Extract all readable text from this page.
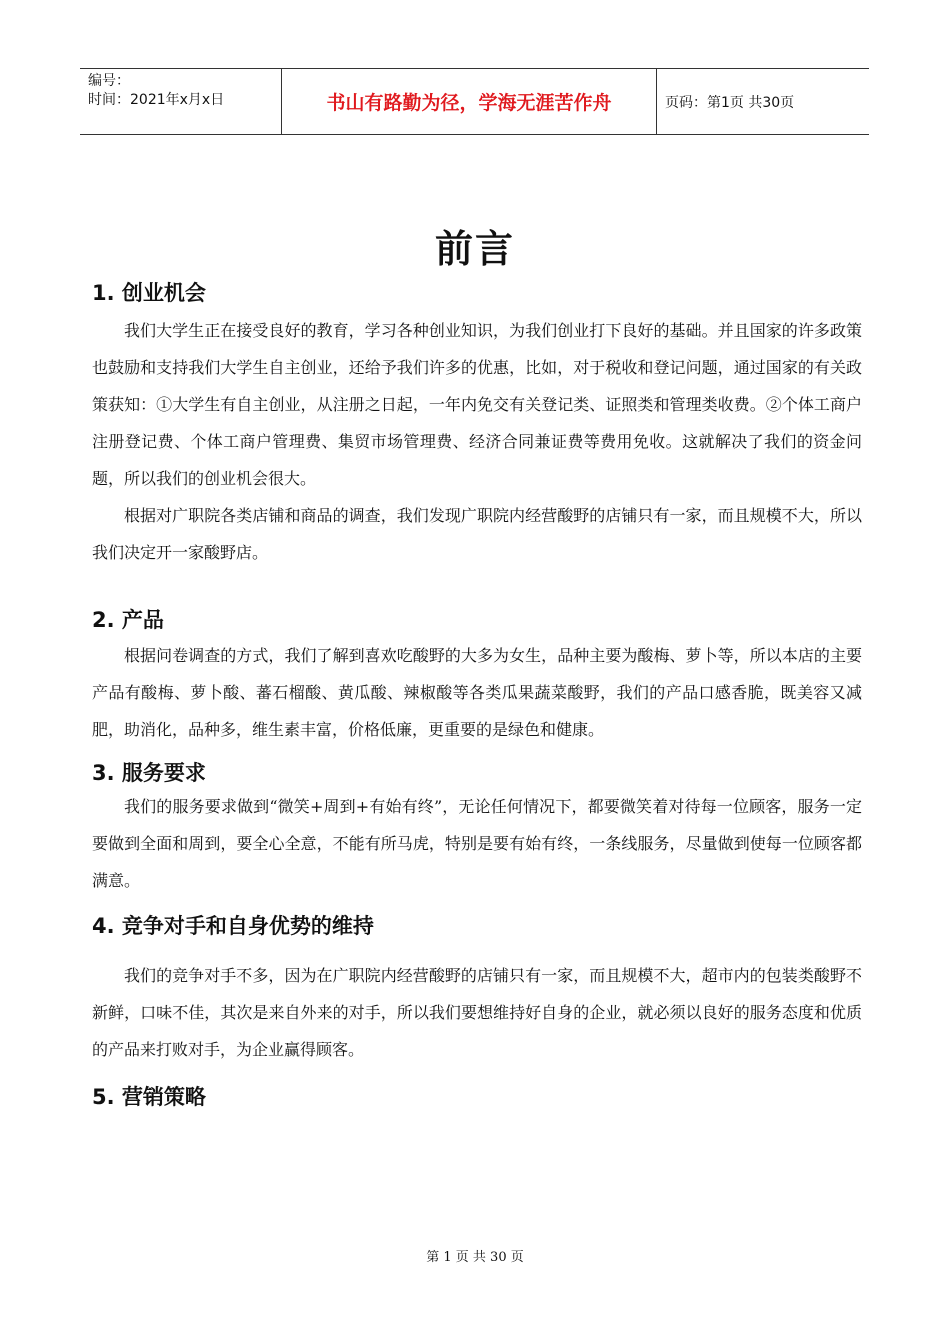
编号：
时间：2021年x月x日	书山有路勤为径，学海无涯苦作舟	页码：第1页 共30页
前言
1. 创业机会

我们大学生正在接受良好的教育，学习各种创业知识，为我们创业打下良好的基础。并且国家的许多政策也鼓励和支持我们大学生自主创业，还给予我们许多的优惠，比如，对于税收和登记问题，通过国家的有关政策获知：①大学生有自主创业，从注册之日起，一年内免交有关登记类、证照类和管理类收费。②个体工商户注册登记费、个体工商户管理费、集贸市场管理费、经济合同兼证费等费用免收。这就解决了我们的资金问题，所以我们的创业机会很大。

根据对广职院各类店铺和商品的调查，我们发现广职院内经营酸野的店铺只有一家，而且规模不大，所以我们决定开一家酸野店。

2. 产品

根据问卷调查的方式，我们了解到喜欢吃酸野的大多为女生，品种主要为酸梅、萝卜等，所以本店的主要产品有酸梅、萝卜酸、蕃石榴酸、黄瓜酸、辣椒酸等各类瓜果蔬菜酸野，我们的产品口感香脆，既美容又减肥，助消化，品种多，维生素丰富，价格低廉，更重要的是绿色和健康。

3. 服务要求

我们的服务要求做到“微笑+周到+有始有终”，无论任何情况下，都要微笑着对待每一位顾客，服务一定要做到全面和周到，要全心全意，不能有所马虎，特别是要有始有终，一条线服务，尽量做到使每一位顾客都满意。

4. 竞争对手和自身优势的维持

我们的竞争对手不多，因为在广职院内经营酸野的店铺只有一家，而且规模不大，超市内的包装类酸野不新鲜，口味不佳，其次是来自外来的对手，所以我们要想维持好自身的企业，就必须以良好的服务态度和优质的产品来打败对手，为企业赢得顾客。

5. 营销策略
第 1 页 共 30 页
